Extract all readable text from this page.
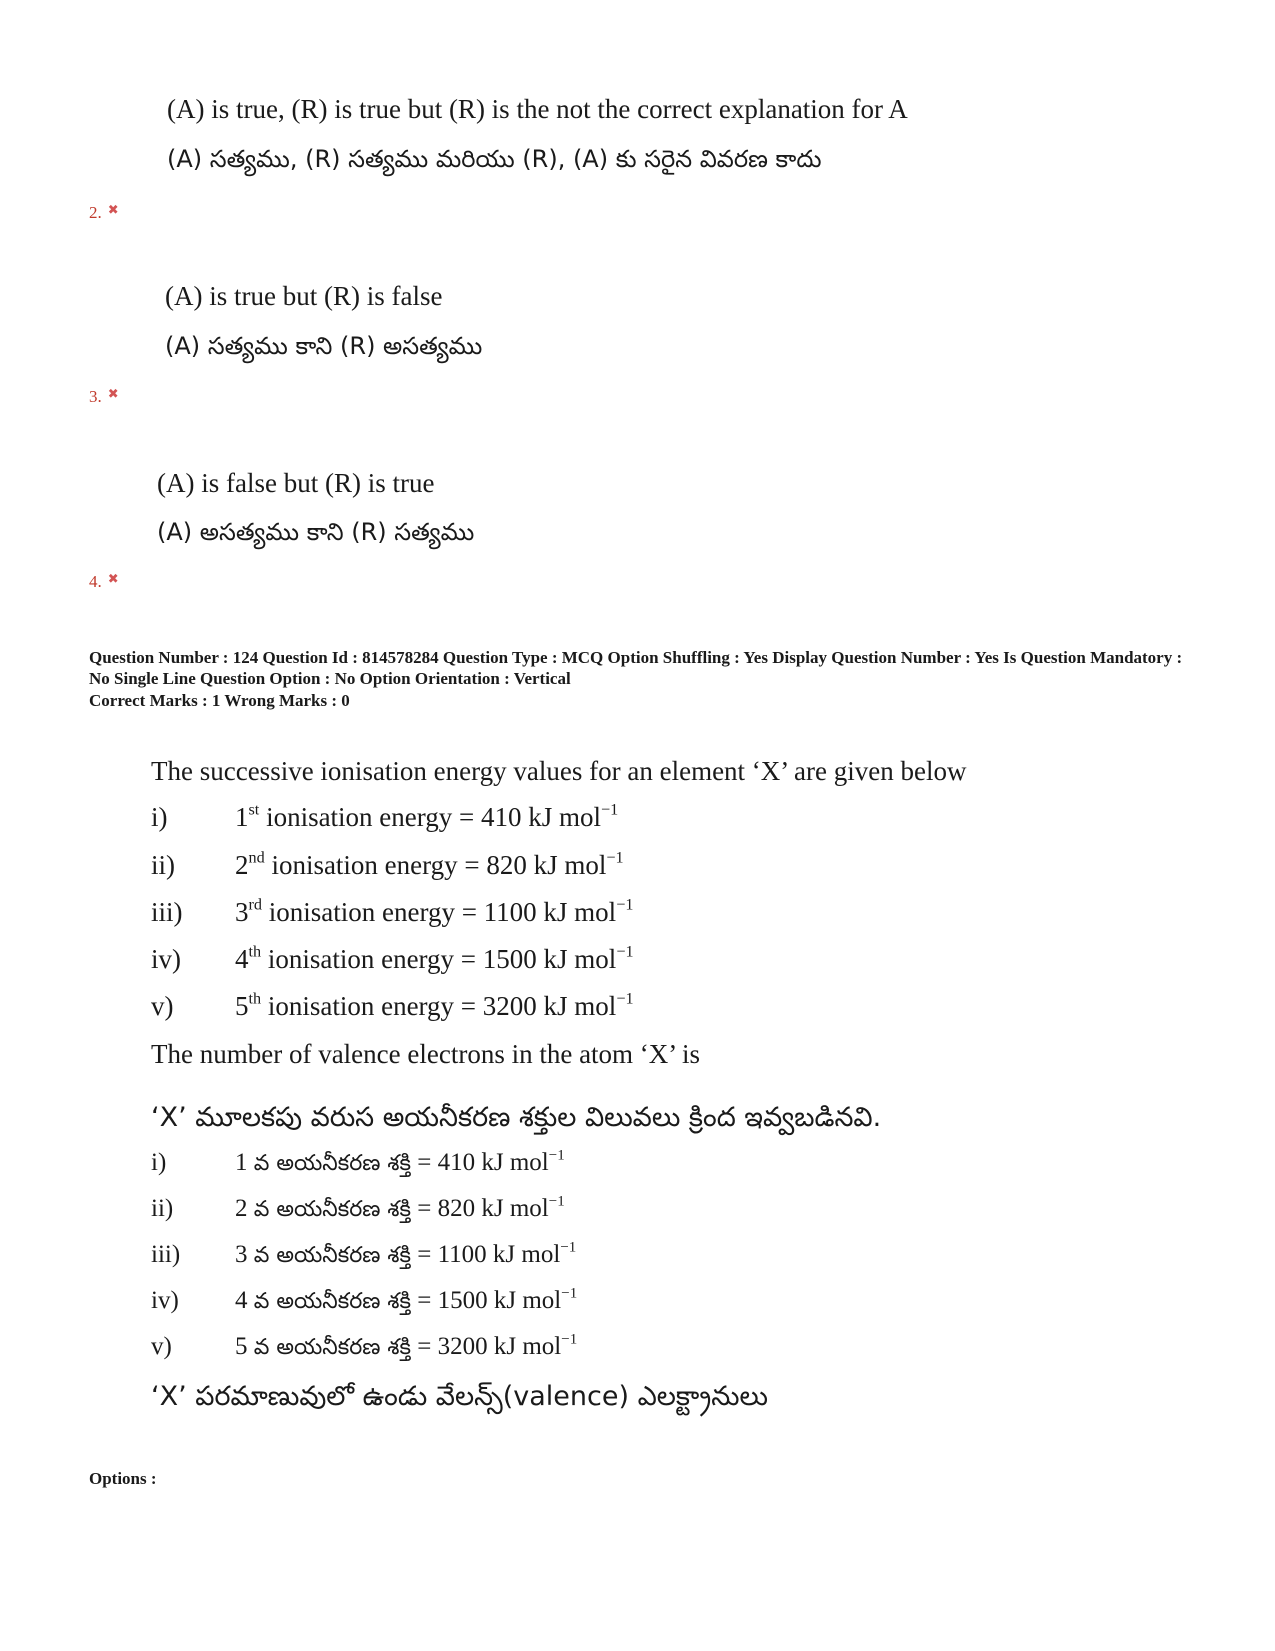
(A) is true, (R) is true but (R) is the not the correct explanation for A
(A) సత్యము, (R) సత్యము మరియు (R), (A) కు సరైన వివరణ కాదు
2. ✖
(A) is true but (R) is false
(A) సత్యము కాని (R) అసత్యము
3. ✖
(A) is false but (R) is true
(A) అసత్యము కాని (R) సత్యము
4. ✖
Question Number : 124 Question Id : 814578284 Question Type : MCQ Option Shuffling : Yes Display Question Number : Yes Is Question Mandatory : No Single Line Question Option : No Option Orientation : Vertical
Correct Marks : 1 Wrong Marks : 0
The successive ionisation energy values for an element ‘X’ are given below
i)	1st ionisation energy = 410 kJ mol$^{-1}$
ii) 2nd ionisation energy = 820 kJ mol$^{-1}$
iii) 3rd ionisation energy = 1100 kJ mol$^{-1}$
iv) 4th ionisation energy = 1500 kJ mol$^{-1}$
v) 5th ionisation energy = 3200 kJ mol$^{-1}$
The number of valence electrons in the atom ‘X’ is
‘X’ మూలకపు వరుస అయనీకరణ శక్తుల విలువలు క్రింద ఇవ్వబడినవి.
i)	1 వ అయనీకరణ శక్తి = 410 kJ mol$^{-1}$
ii) 2 వ అయనీకరణ శక్తి = 820 kJ mol$^{-1}$
iii) 3 వ అయనీకరణ శక్తి = 1100 kJ mol$^{-1}$
iv) 4 వ అయనీకరణ శక్తి = 1500 kJ mol$^{-1}$
v)	5 వ అయనీకరణ శక్తి = 3200 kJ mol$^{-1}$
‘X’ పరమాణువులో ఉండు వేలన్స్(valence) ఎలక్ట్రానులు
Options :
